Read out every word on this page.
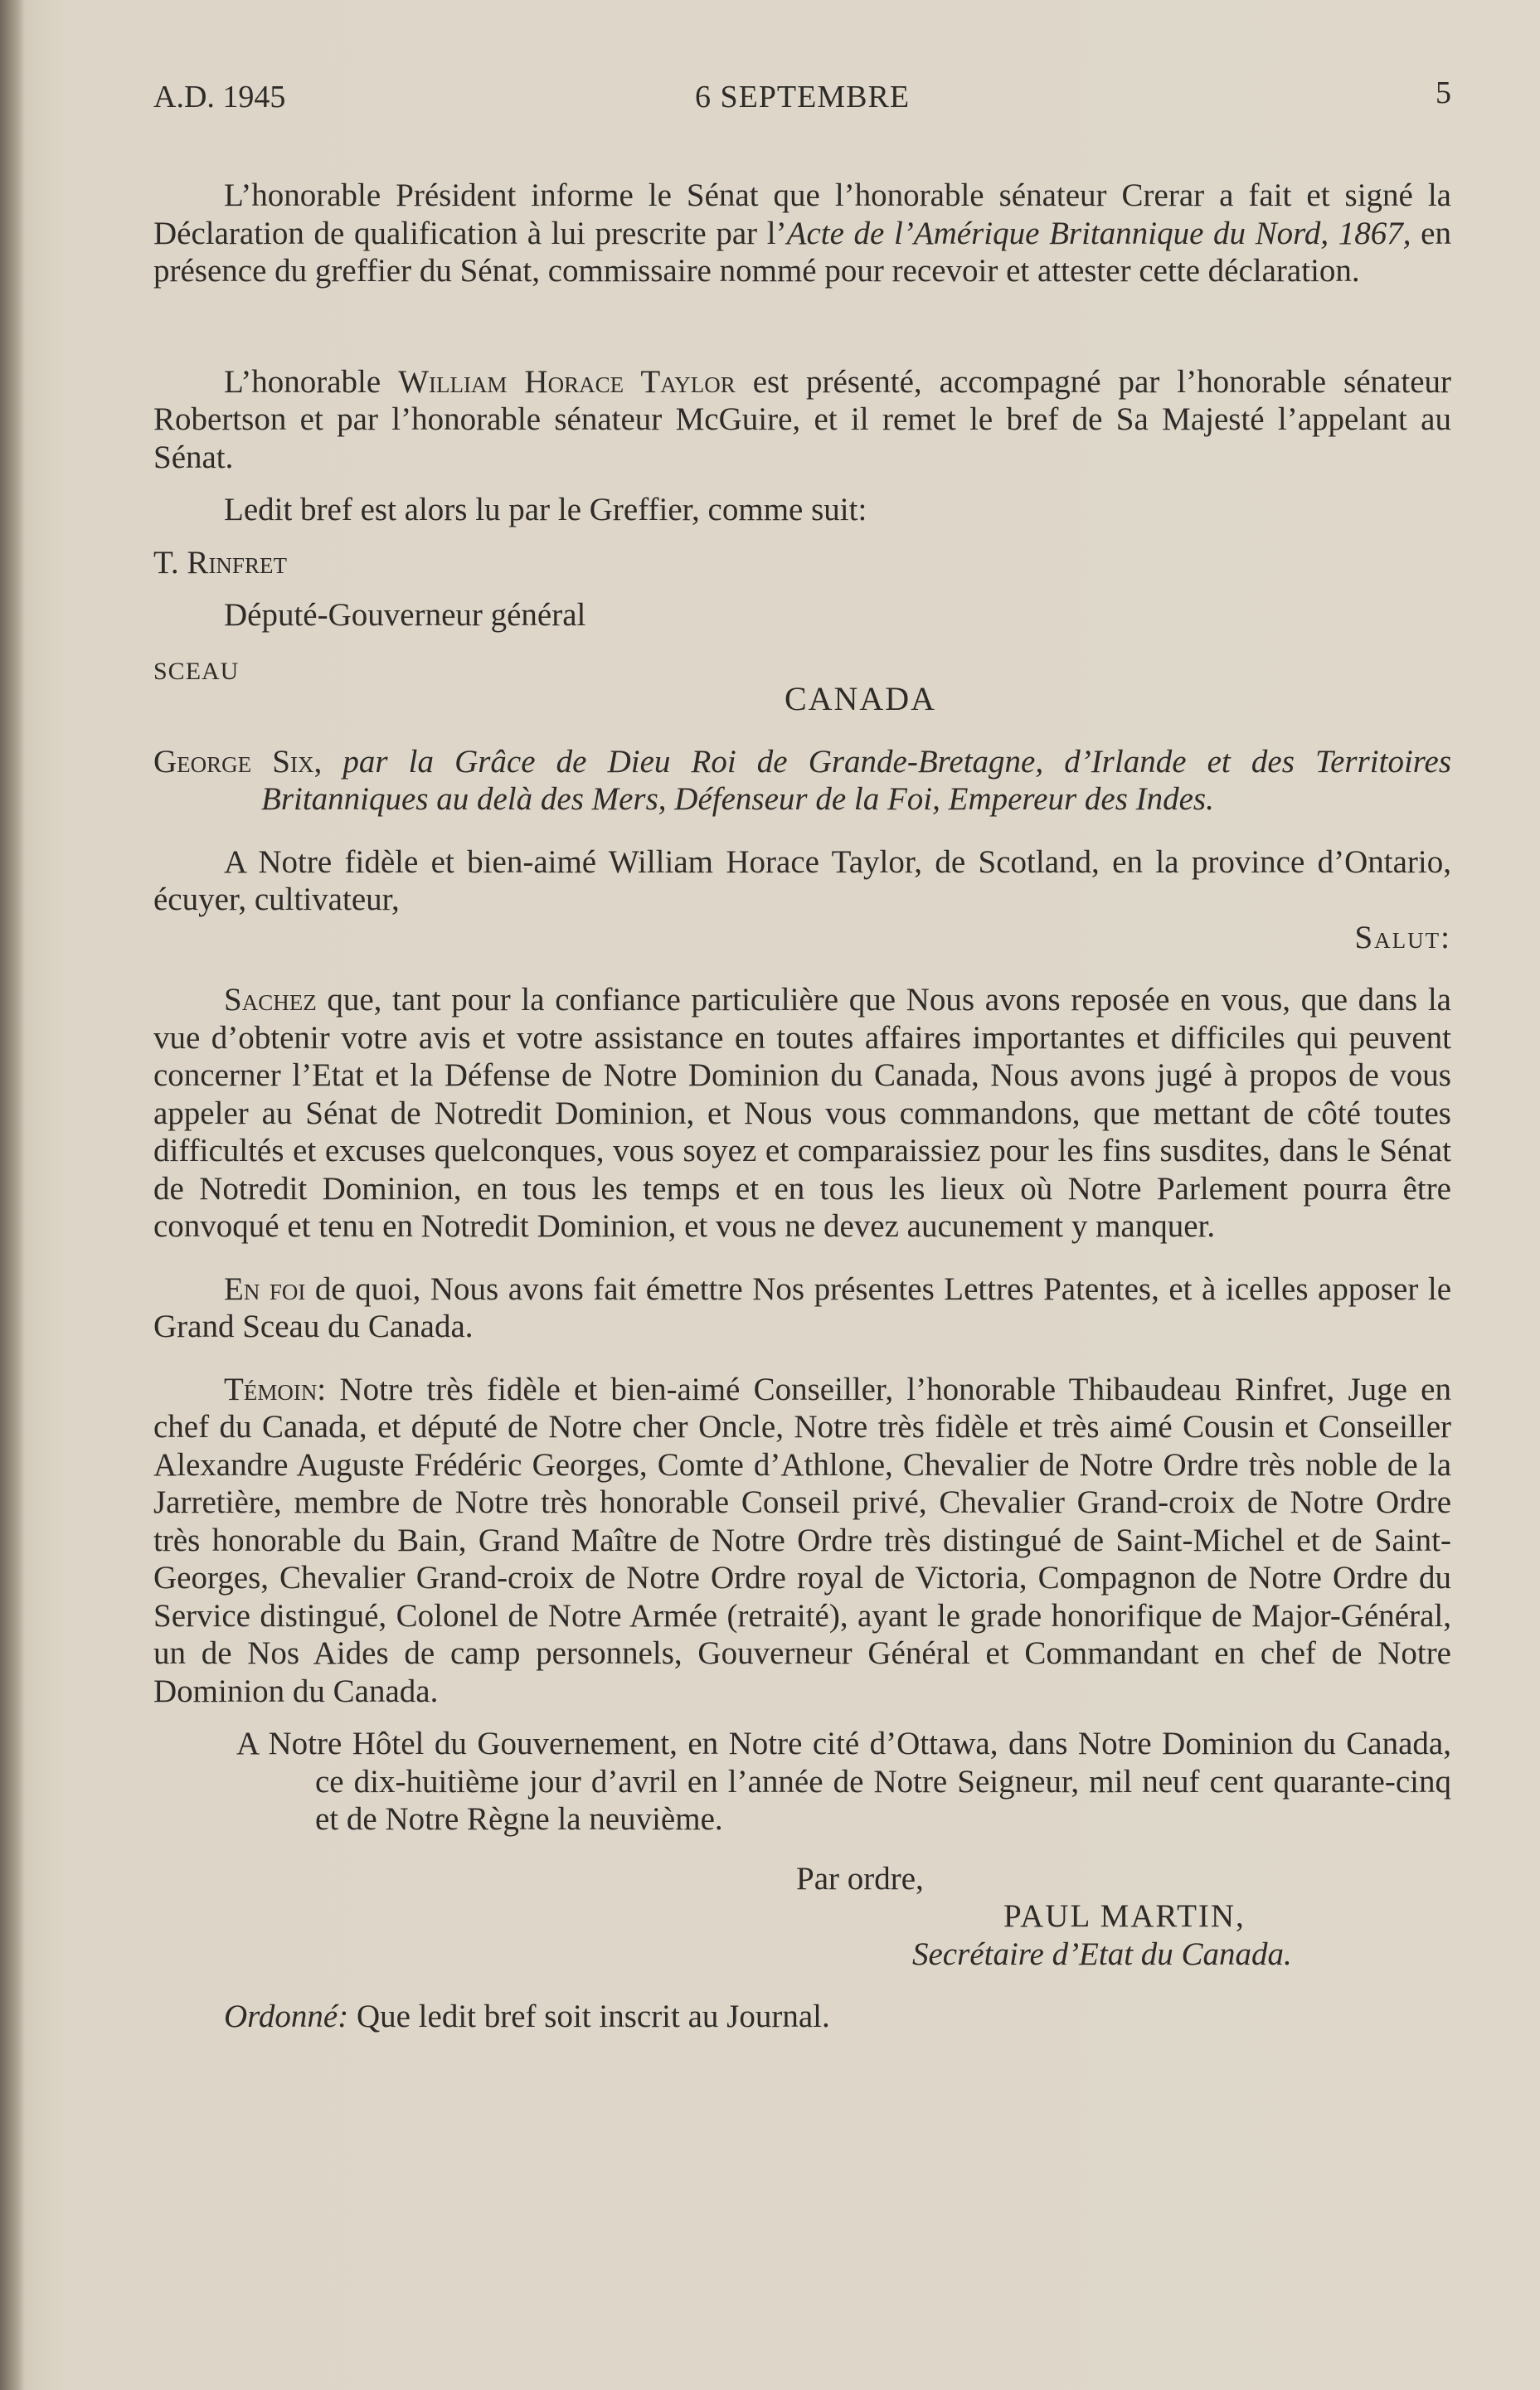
A.D. 1945	6 SEPTEMBRE	5

L’honorable Président informe le Sénat que l’honorable sénateur Crerar a fait et signé la Déclaration de qualification à lui prescrite par l’Acte de l’Amérique Britannique du Nord, 1867, en présence du greffier du Sénat, commissaire nommé pour recevoir et attester cette déclaration.

L’honorable William Horace Taylor est présenté, accompagné par l’honorable sénateur Robertson et par l’honorable sénateur McGuire, et il remet le bref de Sa Majesté l’appelant au Sénat.

Ledit bref est alors lu par le Greffier, comme suit:

T. Rinfret

Député-Gouverneur général

SCEAU

CANADA

George Six, par la Grâce de Dieu Roi de Grande-Bretagne, d’Irlande et des Territoires Britanniques au delà des Mers, Défenseur de la Foi, Empereur des Indes.

A Notre fidèle et bien-aimé William Horace Taylor, de Scotland, en la province d’Ontario, écuyer, cultivateur,

Salut:

Sachez que, tant pour la confiance particulière que Nous avons reposée en vous, que dans la vue d’obtenir votre avis et votre assistance en toutes affaires importantes et difficiles qui peuvent concerner l’Etat et la Défense de Notre Dominion du Canada, Nous avons jugé à propos de vous appeler au Sénat de Notredit Dominion, et Nous vous commandons, que mettant de côté toutes difficultés et excuses quelconques, vous soyez et comparaissiez pour les fins susdites, dans le Sénat de Notredit Dominion, en tous les temps et en tous les lieux où Notre Parlement pourra être convoqué et tenu en Notredit Dominion, et vous ne devez aucunement y manquer.

En foi de quoi, Nous avons fait émettre Nos présentes Lettres Patentes, et à icelles apposer le Grand Sceau du Canada.

Témoin: Notre très fidèle et bien-aimé Conseiller, l’honorable Thibaudeau Rinfret, Juge en chef du Canada, et député de Notre cher Oncle, Notre très fidèle et très aimé Cousin et Conseiller Alexandre Auguste Frédéric Georges, Comte d’Athlone, Chevalier de Notre Ordre très noble de la Jarretière, membre de Notre très honorable Conseil privé, Chevalier Grand-croix de Notre Ordre très honorable du Bain, Grand Maître de Notre Ordre très distingué de Saint-Michel et de Saint-Georges, Chevalier Grand-croix de Notre Ordre royal de Victoria, Compagnon de Notre Ordre du Service distingué, Colonel de Notre Armée (retraité), ayant le grade honorifique de Major-Général, un de Nos Aides de camp personnels, Gouverneur Général et Commandant en chef de Notre Dominion du Canada.

A Notre Hôtel du Gouvernement, en Notre cité d’Ottawa, dans Notre Dominion du Canada, ce dix-huitième jour d’avril en l’année de Notre Seigneur, mil neuf cent quarante-cinq et de Notre Règne la neuvième.

Par ordre,

PAUL MARTIN,

Secrétaire d’Etat du Canada.

Ordonné: Que ledit bref soit inscrit au Journal.
